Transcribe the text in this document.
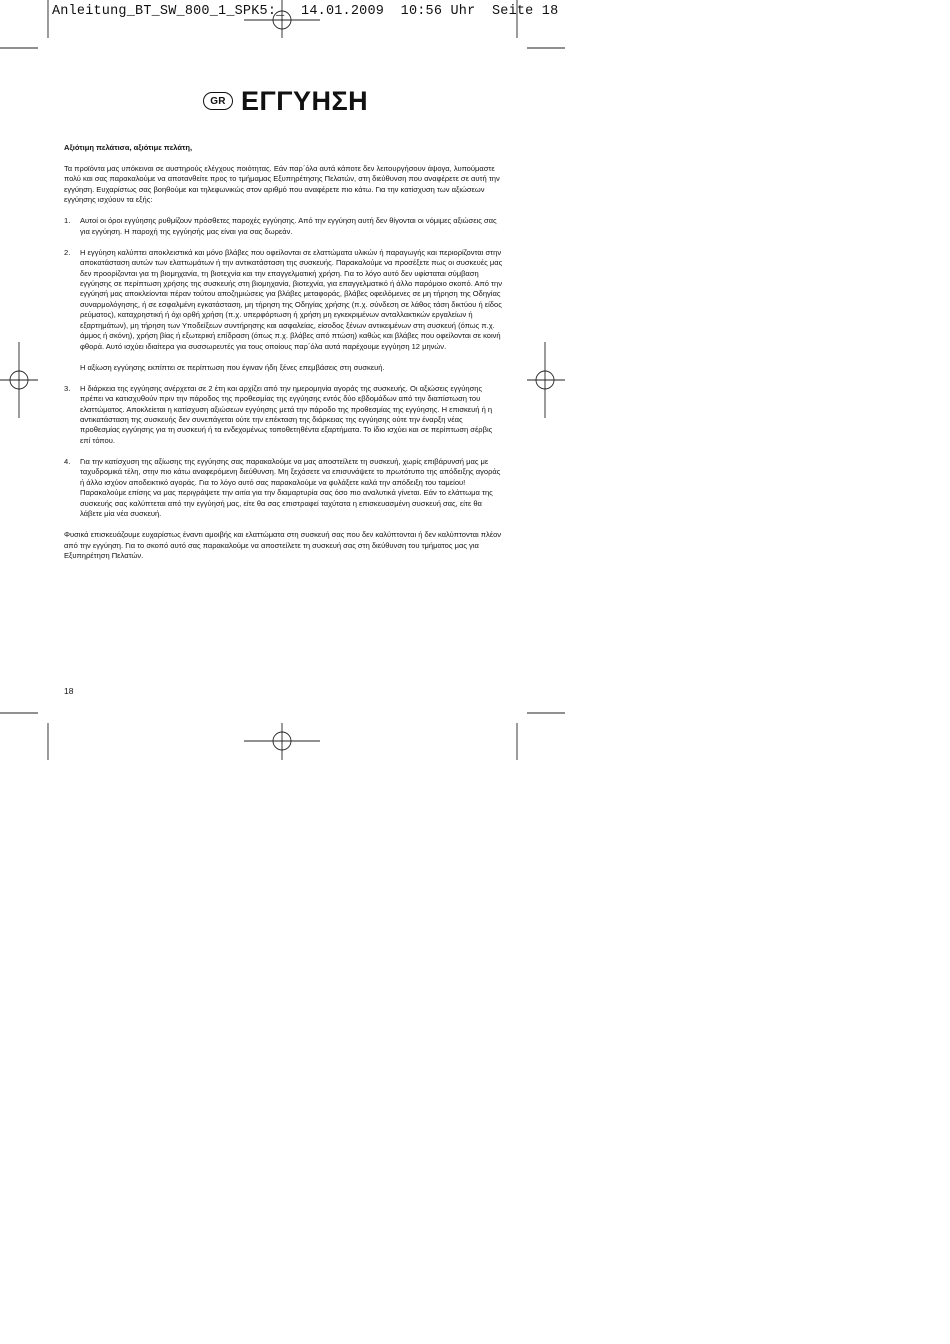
Anleitung_BT_SW_800_1_SPK5:_  14.01.2009  10:56 Uhr  Seite 18
GR ΕΓΓΥΗΣΗ

Αξιότιμη πελάτισα, αξιότιμε πελάτη,

Τα προϊόντα μας υπόκειναι σε αυστηρούς ελέγχους ποιότητας. Εάν παρ΄όλα αυτά κάποτε δεν λειτουργήσουν άψογα, λυπούμαστε πολύ και σας παρακαλούμε να αποτανθείτε προς το τμήμαμας Εξυπηρέτησης Πελατών, στη διεύθυνση που αναφέρετε σε αυτή την εγγύηση. Ευχαρίστως σας βοηθούμε και τηλεφωνικώς στον αριθμό που αναφέρετε πιο κάτω. Για την κατίσχυση των αξιώσεων εγγύησης ισχύουν τα εξής:

1. Αυτοί οι όροι εγγύησης ρυθμίζουν πρόσθετες παροχές εγγύησης. Από την εγγύηση αυτή δεν θίγονται οι νόμιμες αξιώσεις σας για εγγύηση. Η παροχή της εγγύησής μας είναι για σας δωρεάν.
2. Η εγγύηση καλύπτει αποκλειστικά και μόνο βλάβες που οφείλονται σε ελαττώματα υλικών ή παραγωγής και περιορίζονται στην αποκατάσταση αυτών των ελαττωμάτων ή την αντικατάσταση της συσκευής. Παρακαλούμε να προσέξετε πως οι συσκευές μας δεν προορίζονται για τη βιομηχανία, τη βιοτεχνία και την επαγγελματική χρήση. Για το λόγο αυτό δεν υφίσταται σύμβαση εγγύησης σε περίπτωση χρήσης της συσκευής στη βιομηχανία, βιοτεχνία, για επαγγελματικό ή άλλο παρόμοιο σκοπό. Από την εγγύησή μας αποκλείονται πέραν τούτου αποζημιώσεις για βλάβες μεταφοράς, βλάβες οφειλόμενες σε μη τήρηση της Οδηγίας συναρμολόγησης, ή σε εσφαλμένη εγκατάσταση, μη τήρηση της Οδηγίας χρήσης (π.χ. σύνδεση σε λάθος τάση δικτύου ή είδος ρεύματος), καταχρηστική ή όχι ορθή χρήση (π.χ. υπερφόρτωση ή χρήση μη εγκεκριμένων ανταλλακτικών εργαλείων ή εξαρτημάτων), μη τήρηση των Υποδείξεων συντήρησης και ασφαλείας, είσοδος ξένων αντικειμένων στη συσκευή (όπως π.χ. άμμος ή σκόνη), χρήση βίας ή εξωτερική επίδραση (όπως π.χ. βλάβες από πτώση) καθώς και βλάβες που οφείλονται σε κοινή φθορά. Αυτό ισχύει ιδιαίτερα για συσσωρευτές για τους οποίους παρ΄όλα αυτά παρέχουμε εγγύηση 12 μηνών.

Η αξίωση εγγύησης εκπίπτει σε περίπτωση που έγιναν ήδη ξένες επεμβάσεις στη συσκευή.

3. Η διάρκεια της εγγύησης ανέρχεται σε 2 έτη και αρχίζει από την ημερομηνία αγοράς της συσκευής. Οι αξιώσεις εγγύησης πρέπει να κατισχυθούν πριν την πάροδος της προθεσμίας της εγγύησης εντός δύο εβδομάδων από την διαπίστωση του ελαττώματος. Αποκλείεται η κατίσχυση αξιώσεων εγγύησης μετά την πάροδο της προθεσμίας της εγγύησης. Η επισκευή ή η αντικατάσταση της συσκευής δεν συνεπάγεται ούτε την επέκταση της διάρκειας της εγγύησης ούτε την έναρξη νέας προθεσμίας εγγύησης για τη συσκευή ή τα ενδεχομένως τοποθετηθέντα εξαρτήματα. Το ίδιο ισχύει και σε περίπτωση σέρβις επί τόπου.
4. Για την κατίσχυση της αξίωσης της εγγύησης σας παρακαλούμε να μας αποστείλετε τη συσκευή, χωρίς επιβάρυνσή μας με ταχυδρομικά τέλη, στην πιο κάτω αναφερόμενη διεύθυνση. Μη ξεχάσετε να επισυνάψετε το πρωτότυπο της απόδειξης αγοράς ή άλλο ισχύον αποδεικτικό αγοράς. Για το λόγο αυτό σας παρακαλούμε να φυλάξετε καλά την απόδειξη του ταμείου! Παρακαλούμε επίσης να μας περιγράψετε την αιτία για την διαμαρτυρία σας όσο πιο αναλυτικά γίνεται. Εάν το ελάττωμα της συσκευής σας καλύπτεται από την εγγύησή μας, είτε θα σας επιστραφεί ταχύτατα η επισκευασμένη συσκευή σας, είτε θα λάβετε μία νέα συσκευή.

Φυσικά επισκευάζουμε ευχαρίστως έναντι αμοιβής και ελαττώματα στη συσκευή σας που δεν καλύπτονται ή δεν καλύπτονται πλέον από την εγγύηση. Για το σκοπό αυτό σας παρακαλούμε να αποστείλετε τη συσκευή σας στη διεύθυνση του τμήματος μας για Εξυπηρέτηση Πελατών.

18
